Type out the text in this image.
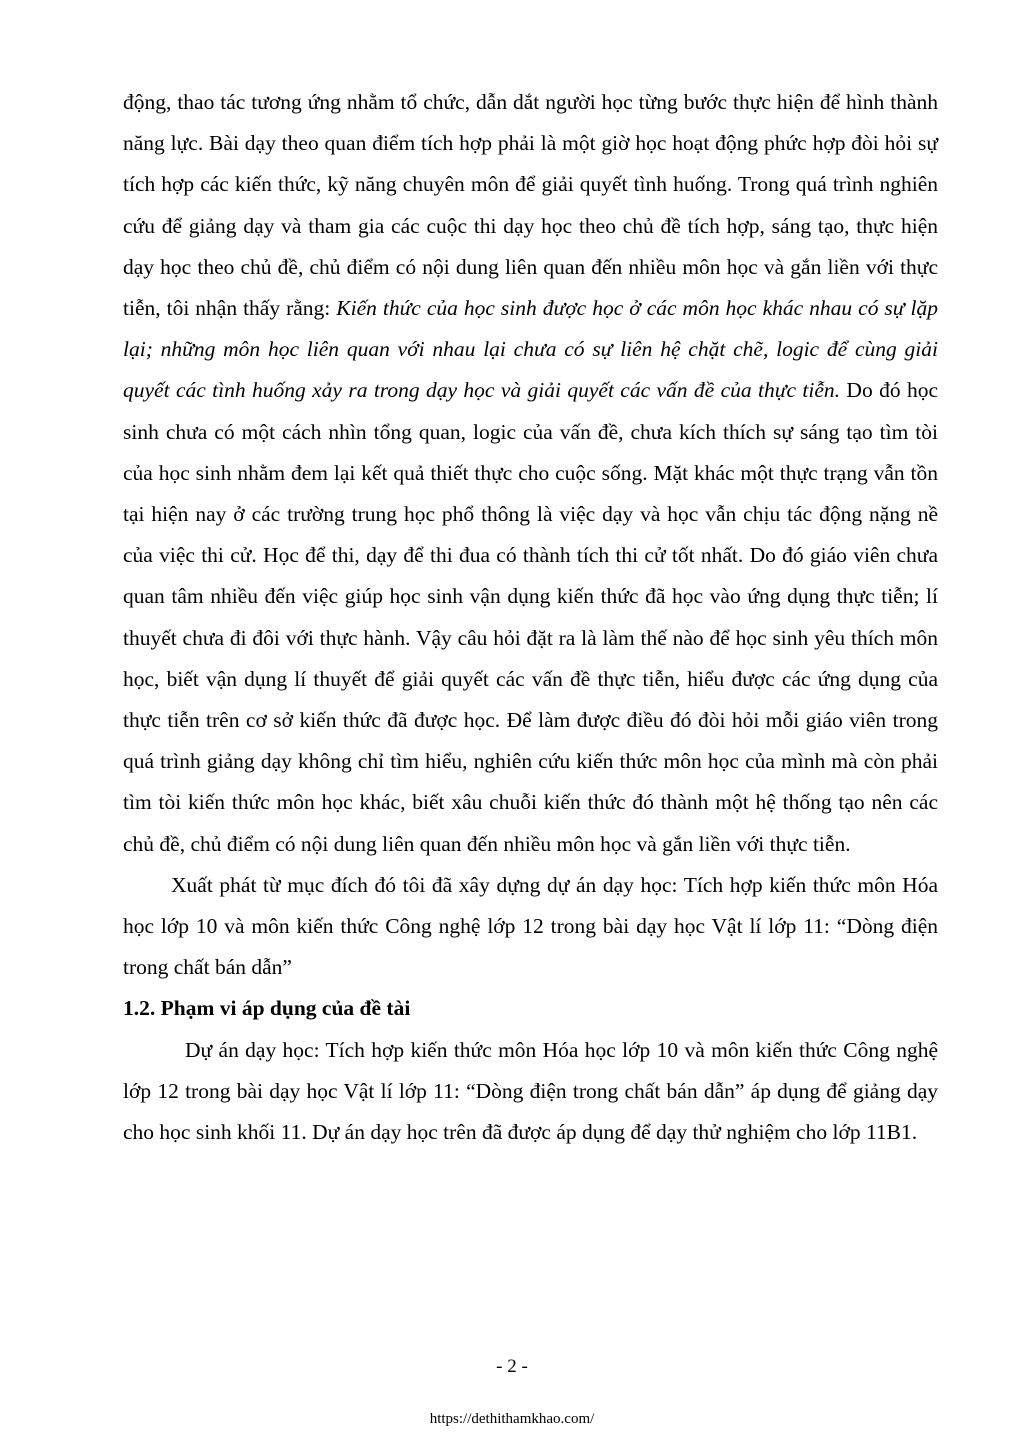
động, thao tác tương ứng nhằm tổ chức, dẫn dắt người học từng bước thực hiện để hình thành năng lực. Bài dạy theo quan điểm tích hợp phải là một giờ học hoạt động phức hợp đòi hỏi sự tích hợp các kiến thức, kỹ năng chuyên môn để giải quyết tình huống. Trong quá trình nghiên cứu để giảng dạy và tham gia các cuộc thi dạy học theo chủ đề tích hợp, sáng tạo, thực hiện dạy học theo chủ đề, chủ điểm có nội dung liên quan đến nhiều môn học và gắn liền với thực tiễn, tôi nhận thấy rằng: Kiến thức của học sinh được học ở các môn học khác nhau có sự lặp lại; những môn học liên quan với nhau lại chưa có sự liên hệ chặt chẽ, logic để cùng giải quyết các tình huống xảy ra trong dạy học và giải quyết các vấn đề của thực tiễn. Do đó học sinh chưa có một cách nhìn tổng quan, logic của vấn đề, chưa kích thích sự sáng tạo tìm tòi của học sinh nhằm đem lại kết quả thiết thực cho cuộc sống. Mặt khác một thực trạng vẫn tồn tại hiện nay ở các trường trung học phổ thông là việc dạy và học vẫn chịu tác động nặng nề của việc thi cử. Học để thi, dạy để thi đua có thành tích thi cử tốt nhất. Do đó giáo viên chưa quan tâm nhiều đến việc giúp học sinh vận dụng kiến thức đã học vào ứng dụng thực tiễn; lí thuyết chưa đi đôi với thực hành. Vậy câu hỏi đặt ra là làm thế nào để học sinh yêu thích môn học, biết vận dụng lí thuyết để giải quyết các vấn đề thực tiễn, hiểu được các ứng dụng của thực tiễn trên cơ sở kiến thức đã được học. Để làm được điều đó đòi hỏi mỗi giáo viên trong quá trình giảng dạy không chỉ tìm hiểu, nghiên cứu kiến thức môn học của mình mà còn phải tìm tòi kiến thức môn học khác, biết xâu chuỗi kiến thức đó thành một hệ thống tạo nên các chủ đề, chủ điểm có nội dung liên quan đến nhiều môn học và gắn liền với thực tiễn.

Xuất phát từ mục đích đó tôi đã xây dựng dự án dạy học: Tích hợp kiến thức môn Hóa học lớp 10 và môn kiến thức Công nghệ lớp 12 trong bài dạy học Vật lí lớp 11: “Dòng điện trong chất bán dẫn”

1.2. Phạm vi áp dụng của đề tài

Dự án dạy học: Tích hợp kiến thức môn Hóa học lớp 10 và môn kiến thức Công nghệ lớp 12 trong bài dạy học Vật lí lớp 11: “Dòng điện trong chất bán dẫn” áp dụng để giảng dạy cho học sinh khối 11. Dự án dạy học trên đã được áp dụng để dạy thử nghiệm cho lớp 11B1.

- 2 -
https://dethithamkhao.com/
